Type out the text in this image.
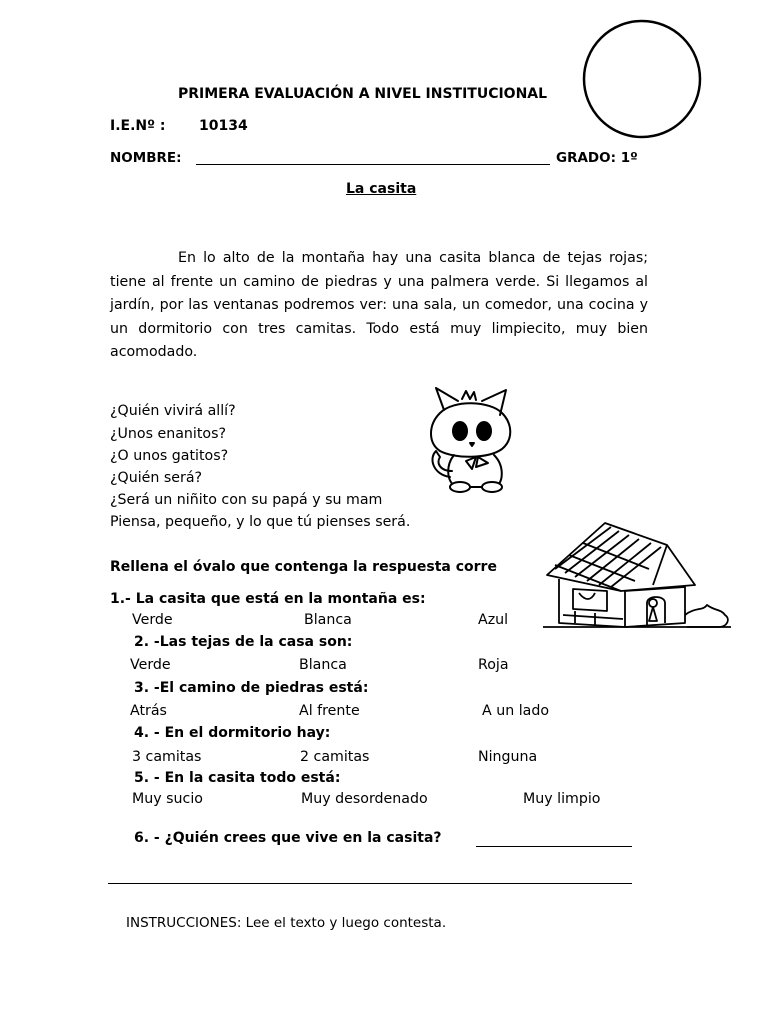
PRIMERA EVALUACIÓN A NIVEL INSTITUCIONAL
I.E.Nº : 10134
NOMBRE:	GRADO: 1º
La casita
En lo alto de la montaña hay una casita blanca de tejas rojas; tiene al frente un camino de piedras y una palmera verde. Si llegamos al jardín, por las ventanas podremos ver: una sala, un comedor, una cocina y un dormitorio con tres camitas. Todo está muy limpiecito, muy bien acomodado.
¿Quién vivirá allí?
¿Unos enanitos?
¿O unos gatitos?
¿Quién será?
¿Será un niñito con su papá y su mam
Piensa, pequeño, y lo que tú pienses será.
Rellena el óvalo que contenga la respuesta corre
1.- La casita que está en la montaña es:
Verde	Blanca	Azul
2. -Las tejas de la casa son:
Verde	Blanca	Roja
3. -El camino de piedras está:
Atrás	Al frente	A un lado
4. - En el dormitorio hay:
3 camitas	2 camitas	Ninguna
5. - En la casita todo está:
Muy sucio	Muy desordenado	Muy limpio
6. - ¿Quién crees que vive en la casita?
INSTRUCCIONES: Lee el texto y luego contesta.
